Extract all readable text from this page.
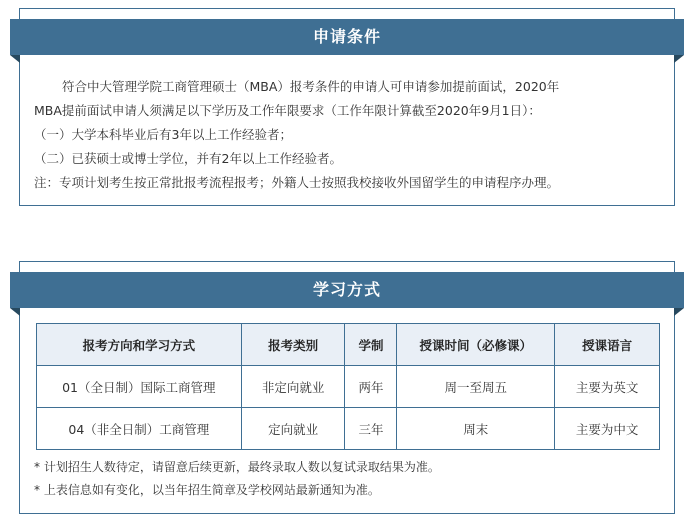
申请条件

符合中大管理学院工商管理硕士（MBA）报考条件的申请人可申请参加提前面试，2020年

MBA提前面试申请人须满足以下学历及工作年限要求（工作年限计算截至2020年9月1日）：

（一）大学本科毕业后有3年以上工作经验者；

（二）已获硕士或博士学位，并有2年以上工作经验者。

注：专项计划考生按正常批报考流程报考；外籍人士按照我校接收外国留学生的申请程序办理。

学习方式
报考方向和学习方式	报考类别	学制	授课时间（必修课）	授课语言
01（全日制）国际工商管理	非定向就业	两年	周一至周五	主要为英文
04（非全日制）工商管理	定向就业	三年	周末	主要为中文

* 计划招生人数待定，请留意后续更新，最终录取人数以复试录取结果为准。

* 上表信息如有变化，以当年招生简章及学校网站最新通知为准。
